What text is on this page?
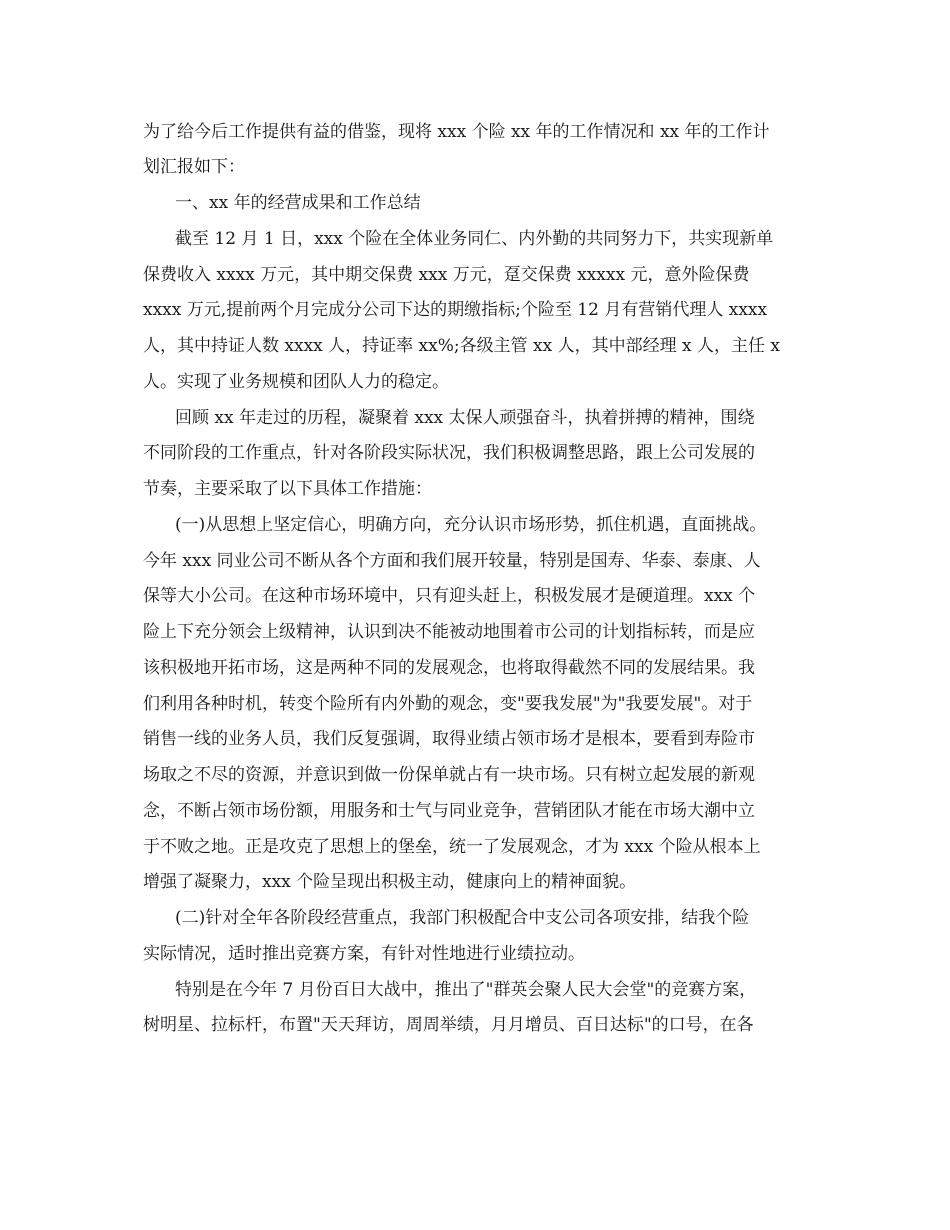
为了给今后工作提供有益的借鉴，现将 xxx 个险 xx 年的工作情况和 xx 年的工作计

划汇报如下：

一、xx 年的经营成果和工作总结

截至 12 月 1 日，xxx 个险在全体业务同仁、内外勤的共同努力下，共实现新单

保费收入 xxxx 万元，其中期交保费 xxx 万元，趸交保费 xxxxx 元，意外险保费

xxxx 万元,提前两个月完成分公司下达的期缴指标;个险至 12 月有营销代理人 xxxx

人，其中持证人数 xxxx 人，持证率 xx%;各级主管 xx 人，其中部经理 x 人，主任 x

人。实现了业务规模和团队人力的稳定。

回顾 xx 年走过的历程，凝聚着 xxx 太保人顽强奋斗，执着拼搏的精神，围绕

不同阶段的工作重点，针对各阶段实际状况，我们积极调整思路，跟上公司发展的

节奏，主要采取了以下具体工作措施：

(一)从思想上坚定信心，明确方向，充分认识市场形势，抓住机遇，直面挑战。

今年 xxx 同业公司不断从各个方面和我们展开较量，特别是国寿、华泰、泰康、人

保等大小公司。在这种市场环境中，只有迎头赶上，积极发展才是硬道理。xxx 个

险上下充分领会上级精神，认识到决不能被动地围着市公司的计划指标转，而是应

该积极地开拓市场，这是两种不同的发展观念，也将取得截然不同的发展结果。我

们利用各种时机，转变个险所有内外勤的观念，变"要我发展"为"我要发展"。对于

销售一线的业务人员，我们反复强调，取得业绩占领市场才是根本，要看到寿险市

场取之不尽的资源，并意识到做一份保单就占有一块市场。只有树立起发展的新观

念，不断占领市场份额，用服务和士气与同业竞争，营销团队才能在市场大潮中立

于不败之地。正是攻克了思想上的堡垒，统一了发展观念，才为 xxx 个险从根本上

增强了凝聚力，xxx 个险呈现出积极主动，健康向上的精神面貌。

(二)针对全年各阶段经营重点，我部门积极配合中支公司各项安排，结我个险

实际情况，适时推出竞赛方案，有针对性地进行业绩拉动。

特别是在今年 7 月份百日大战中，推出了"群英会聚人民大会堂"的竞赛方案，

树明星、拉标杆，布置"天天拜访，周周举绩，月月增员、百日达标"的口号，在各
